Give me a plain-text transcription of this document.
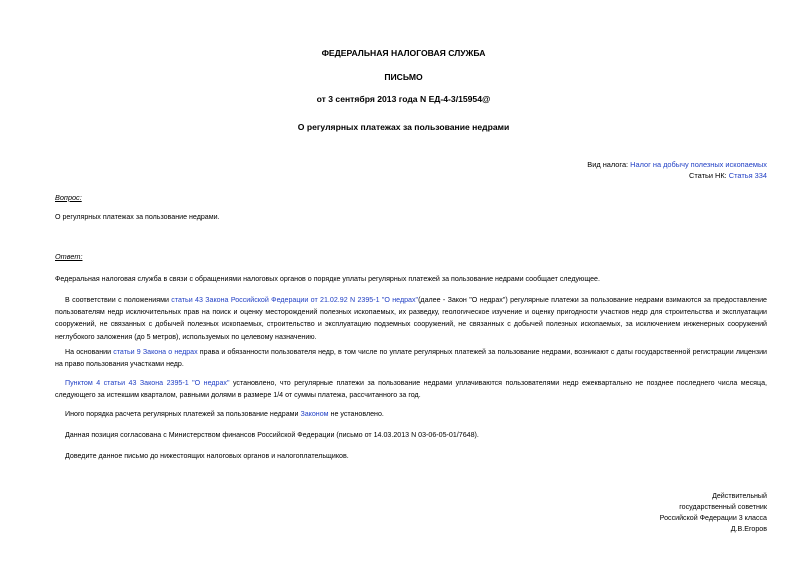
ФЕДЕРАЛЬНАЯ НАЛОГОВАЯ СЛУЖБА
ПИСЬМО
от 3 сентября 2013 года N ЕД-4-3/15954@
О регулярных платежах за пользование недрами
Вид налога: Налог на добычу полезных ископаемых
Статьи НК: Статья 334
Вопрос:
О регулярных платежах за пользование недрами.
Ответ:
Федеральная налоговая служба в связи с обращениями налоговых органов о порядке уплаты регулярных платежей за пользование недрами сообщает следующее.
В соответствии с положениями статьи 43 Закона Российской Федерации от 21.02.92 N 2395-1 "О недрах"(далее - Закон "О недрах") регулярные платежи за пользование недрами взимаются за предоставление пользователям недр исключительных прав на поиск и оценку месторождений полезных ископаемых, их разведку, геологическое изучение и оценку пригодности участков недр для строительства и эксплуатации сооружений, не связанных с добычей полезных ископаемых, строительство и эксплуатацию подземных сооружений, не связанных с добычей полезных ископаемых, за исключением инженерных сооружений неглубокого заложения (до 5 метров), используемых по целевому назначению.
На основании статьи 9 Закона о недрах права и обязанности пользователя недр, в том числе по уплате регулярных платежей за пользование недрами, возникают с даты государственной регистрации лицензии на право пользования участками недр.
Пунктом 4 статьи 43 Закона 2395-1 "О недрах" установлено, что регулярные платежи за пользование недрами уплачиваются пользователями недр ежеквартально не позднее последнего числа месяца, следующего за истекшим кварталом, равными долями в размере 1/4 от суммы платежа, рассчитанного за год.
Иного порядка расчета регулярных платежей за пользование недрами Законом не установлено.
Данная позиция согласована с Министерством финансов Российской Федерации (письмо от 14.03.2013 N 03-06-05-01/7648).
Доведите данное письмо до нижестоящих налоговых органов и налогоплательщиков.
Действительный
государственный советник
Российской Федерации 3 класса
Д.В.Егоров
